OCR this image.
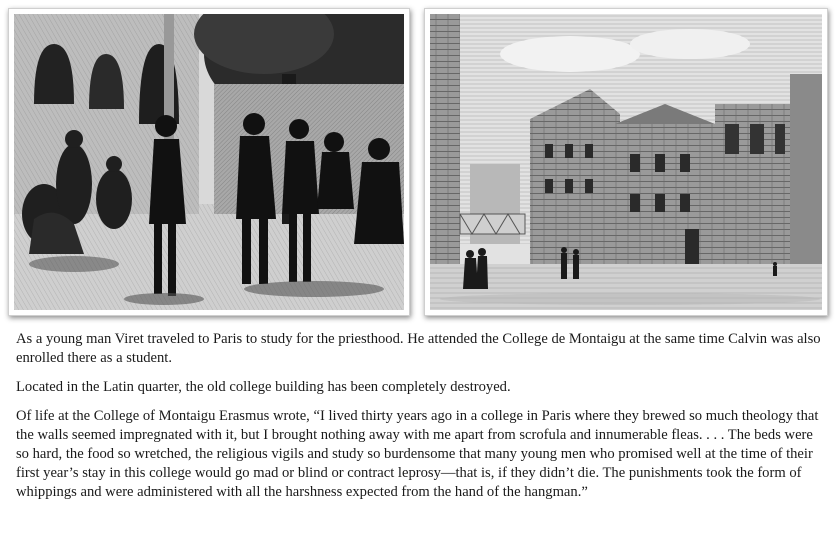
As a young man Viret traveled to Paris to study for the priesthood. He attended the College de Montaigu at the same time Calvin was also enrolled there as a student.

Located in the Latin quarter, the old college building has been completely destroyed.

Of life at the College of Montaigu Erasmus wrote, “I lived thirty years ago in a college in Paris where they brewed so much theology that the walls seemed impregnated with it, but I brought nothing away with me apart from scrofula and innumerable fleas. . . . The beds were so hard, the food so wretched, the religious vigils and study so burdensome that many young men who promised well at the time of their first year’s stay in this college would go mad or blind or contract leprosy—that is, if they didn’t die. The punishments took the form of whippings and were administered with all the harshness expected from the hand of the hangman.”
